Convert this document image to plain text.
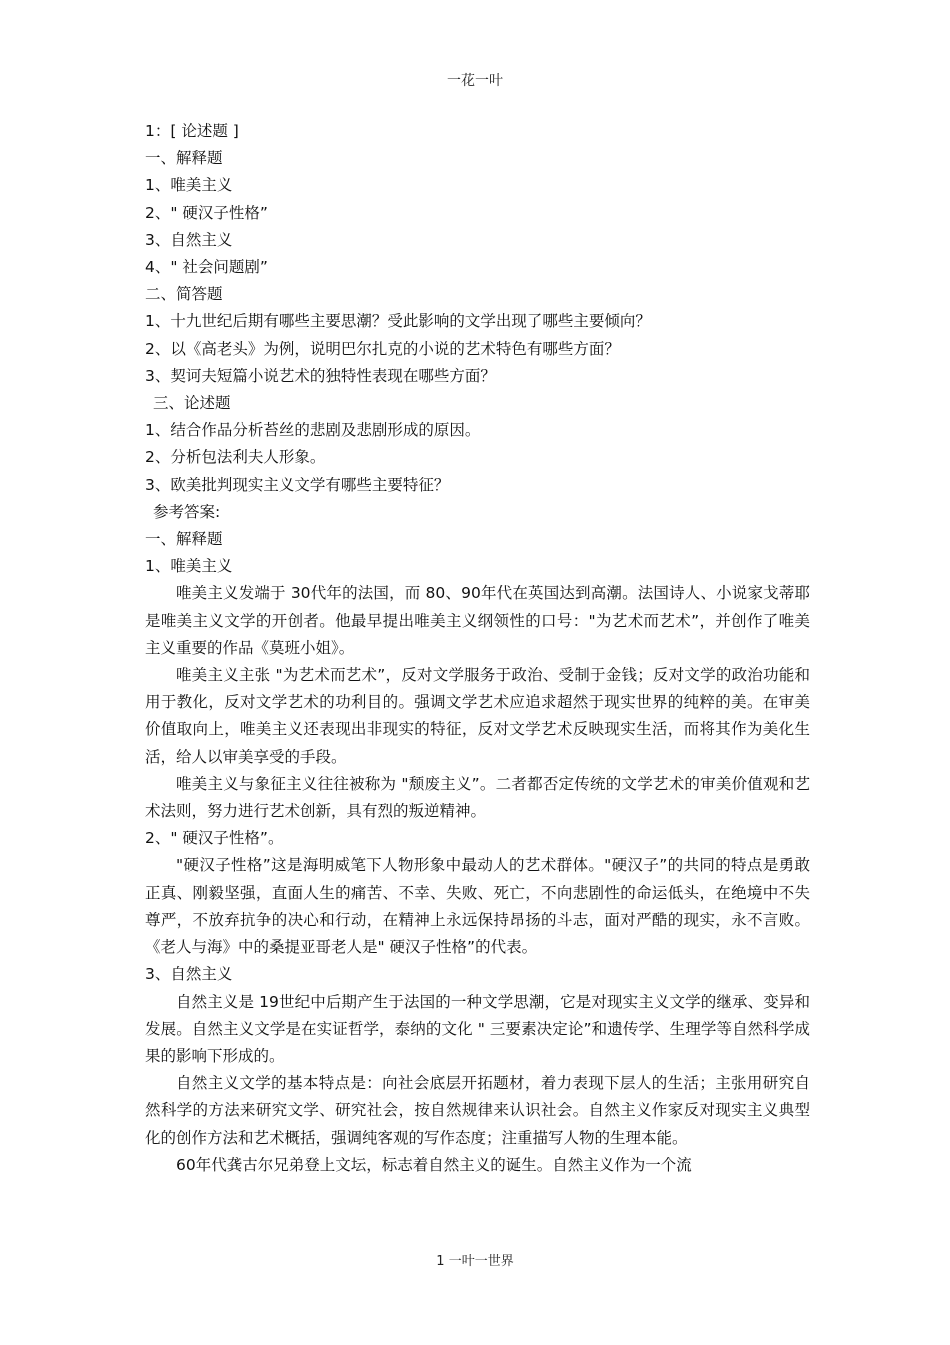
一花一叶

1：[ 论述题 ]

一、解释题

1、唯美主义

2、" 硬汉子性格”

3、自然主义

4、" 社会问题剧”

二、简答题

1、十九世纪后期有哪些主要思潮？受此影响的文学出现了哪些主要倾向？

2、以《高老头》为例，说明巴尔扎克的小说的艺术特色有哪些方面？

3、契诃夫短篇小说艺术的独特性表现在哪些方面？

三、论述题

1、结合作品分析苔丝的悲剧及悲剧形成的原因。

2、分析包法利夫人形象。

3、欧美批判现实主义文学有哪些主要特征？

参考答案:

一、解释题

1、唯美主义

唯美主义发端于 30代年的法国，而 80、90年代在英国达到高潮。法国诗人、小说家戈蒂耶是唯美主义文学的开创者。他最早提出唯美主义纲领性的口号："为艺术而艺术”，并创作了唯美主义重要的作品《莫班小姐》。

唯美主义主张 "为艺术而艺术”，反对文学服务于政治、受制于金钱；反对文学的政治功能和用于教化，反对文学艺术的功利目的。强调文学艺术应追求超然于现实世界的纯粹的美。在审美价值取向上，唯美主义还表现出非现实的特征，反对文学艺术反映现实生活，而将其作为美化生活，给人以审美享受的手段。

唯美主义与象征主义往往被称为 "颓废主义”。二者都否定传统的文学艺术的审美价值观和艺术法则，努力进行艺术创新，具有烈的叛逆精神。

2、" 硬汉子性格”。

"硬汉子性格”这是海明威笔下人物形象中最动人的艺术群体。"硬汉子”的共同的特点是勇敢正真、刚毅坚强，直面人生的痛苦、不幸、失败、死亡，不向悲剧性的命运低头，在绝境中不失尊严，不放弃抗争的决心和行动，在精神上永远保持昂扬的斗志，面对严酷的现实，永不言败。《老人与海》中的桑提亚哥老人是" 硬汉子性格”的代表。

3、自然主义

自然主义是 19世纪中后期产生于法国的一种文学思潮，它是对现实主义文学的继承、变异和发展。自然主义文学是在实证哲学，泰纳的文化 " 三要素决定论”和遗传学、生理学等自然科学成果的影响下形成的。

自然主义文学的基本特点是：向社会底层开拓题材，着力表现下层人的生活；主张用研究自然科学的方法来研究文学、研究社会，按自然规律来认识社会。自然主义作家反对现实主义典型化的创作方法和艺术概括，强调纯客观的写作态度；注重描写人物的生理本能。

60年代龚古尔兄弟登上文坛，标志着自然主义的诞生。自然主义作为一个流

1 一叶一世界
